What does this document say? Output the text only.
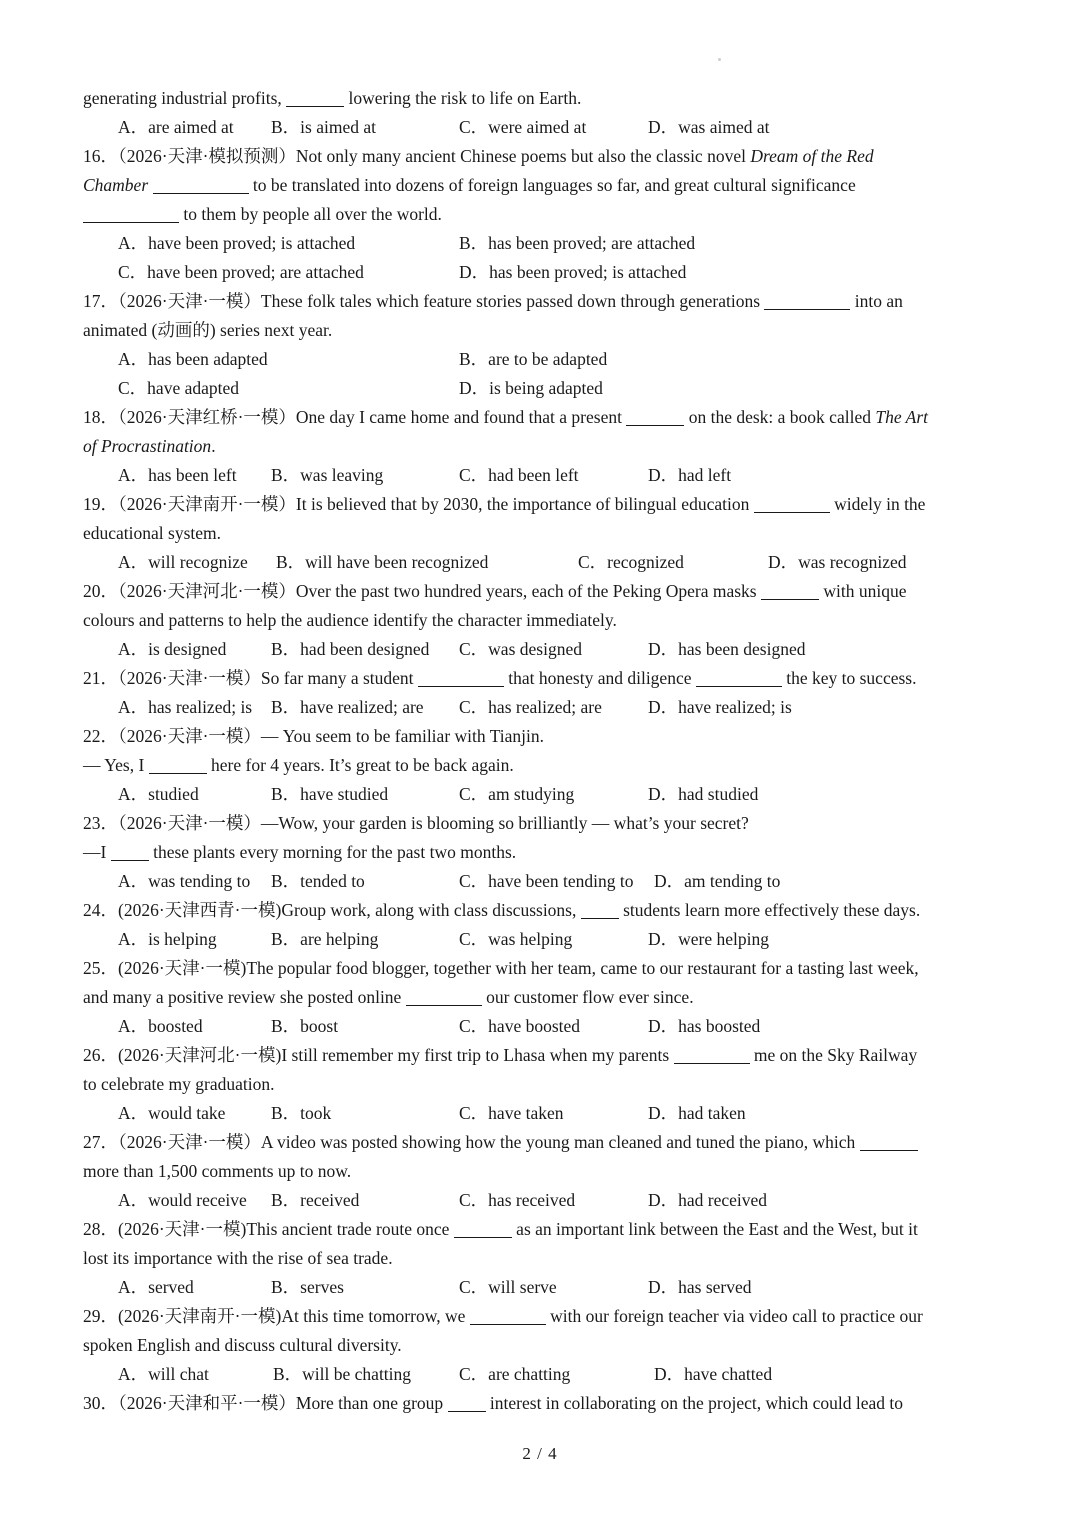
generating industrial profits,	lowering the risk to life on Earth.
A．are aimed at B．is aimed at	C．were aimed at	D．was aimed at
16．（2026·天津·模拟预测）Not only many ancient Chinese poems but also the classic novel Dream of the Red
Chamber	to be translated into dozens of foreign languages so far, and great cultural significance
to them by people all over the world.
A．have been proved; is attached	B．has been proved; are attached
C．have been proved; are attached	D．has been proved; is attached
17．（2026·天津·一模）These folk tales which feature stories passed down through generations	into an
animated (动画的) series next year.
A．has been adapted	B．are to be adapted
C．have adapted	D．is being adapted
18．（2026·天津红桥·一模）One day I came home and found that a present	on the desk: a book called The Art
of Procrastination.
A．has been left B．was leaving	C．had been left	D．had left
19．（2026·天津南开·一模）It is believed that by 2030, the importance of bilingual education	widely in the
educational system.
A．will recognize B．will have been recognized	C．recognized	D．was recognized
20．（2026·天津河北·一模）Over the past two hundred years, each of the Peking Opera masks	with unique
colours and patterns to help the audience identify the character immediately.
A．is designed	B．had been designed C．was designed	D．has been designed
21．（2026·天津·一模）So far many a student	that honesty and diligence	the key to success.
A．has realized; is B．have realized; are C．has realized; are	D．have realized; is
22．（2026·天津·一模）— You seem to be familiar with Tianjin.
— Yes, I	here for 4 years. It’s great to be back again.
A．studied	B．have studied	C．am studying	D．had studied
23．（2026·天津·一模）—Wow, your garden is blooming so brilliantly — what’s your secret?
—I  these plants every morning for the past two months.
A．was tending to B．tended to	C．have been tending to D．am tending to
24．(2026·天津西青·一模)Group work, along with class discussions,  students learn more effectively these days.
A．is helping	B．are helping	C．was helping	D．were helping
25．(2026·天津·一模)The popular food blogger, together with her team, came to our restaurant for a tasting last week,
and many a positive review she posted online	our customer flow ever since.
A．boosted	B．boost	C．have boosted	D．has boosted
26．(2026·天津河北·一模)I still remember my first trip to Lhasa when my parents	me on the Sky Railway
to celebrate my graduation.
A．would take	B．took	C．have taken	D．had taken
27．（2026·天津·一模）A video was posted showing how the young man cleaned and tuned the piano, which
more than 1,500 comments up to now.
A．would receive B．received	C．has received	D．had received
28．(2026·天津·一模)This ancient trade route once	as an important link between the East and the West, but it
lost its importance with the rise of sea trade.
A．served	B．serves	C．will serve	D．has served
29．(2026·天津南开·一模)At this time tomorrow, we	with our foreign teacher via video call to practice our
spoken English and discuss cultural diversity.
A．will chat	B．will be chatting	C．are chatting	D．have chatted
30．（2026·天津和平·一模）More than one group  interest in collaborating on the project, which could lead to
2 / 4
